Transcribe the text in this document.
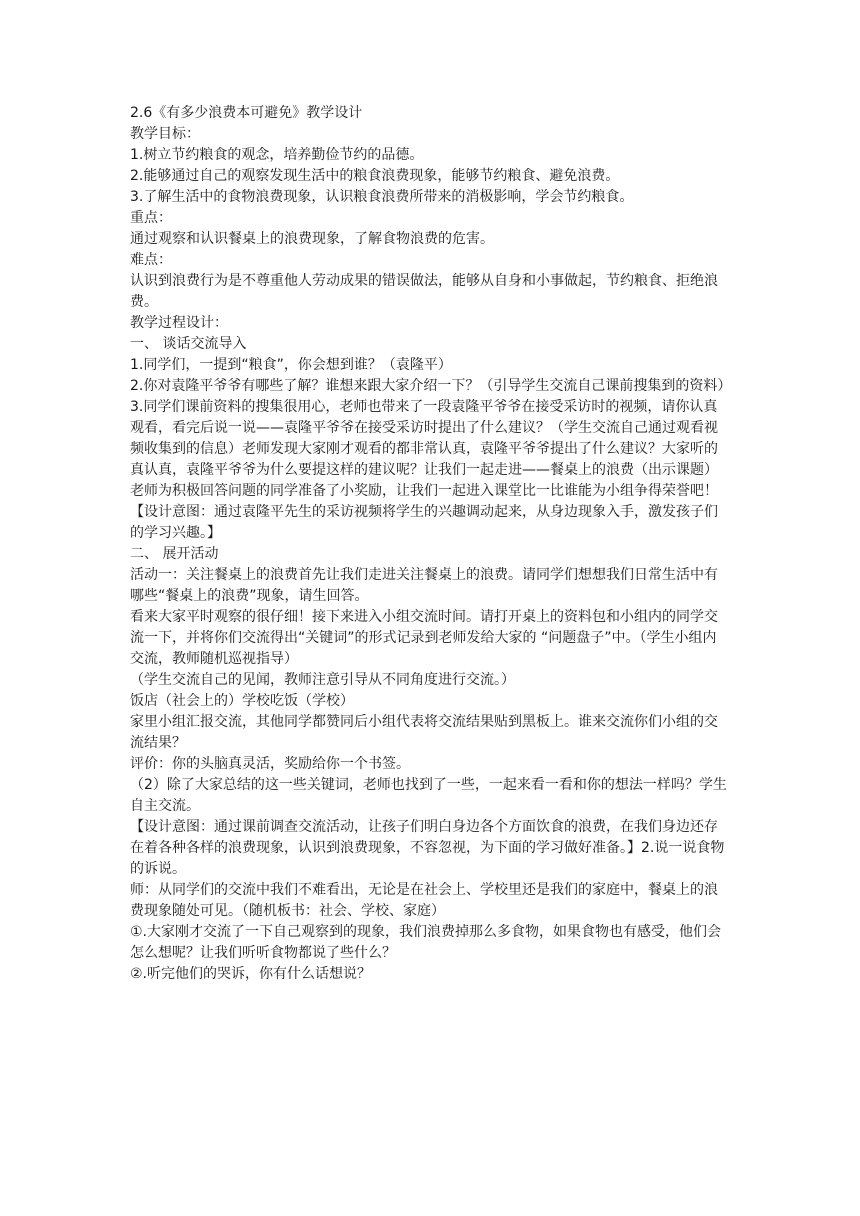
2.6《有多少浪费本可避免》教学设计

教学目标：

1.树立节约粮食的观念，培养勤俭节约的品德。

2.能够通过自己的观察发现生活中的粮食浪费现象，能够节约粮食、避免浪费。

3.了解生活中的食物浪费现象，认识粮食浪费所带来的消极影响，学会节约粮食。

重点：

通过观察和认识餐桌上的浪费现象，了解食物浪费的危害。

难点：

认识到浪费行为是不尊重他人劳动成果的错误做法，能够从自身和小事做起，节约粮食、拒绝浪费。

教学过程设计：

一、 谈话交流导入

1.同学们，一提到“粮食”，你会想到谁？（袁隆平）

2.你对袁隆平爷爷有哪些了解？谁想来跟大家介绍一下？（引导学生交流自己课前搜集到的资料）

3.同学们课前资料的搜集很用心，老师也带来了一段袁隆平爷爷在接受采访时的视频，请你认真观看，看完后说一说——袁隆平爷爷在接受采访时提出了什么建议？（学生交流自己通过观看视频收集到的信息）老师发现大家刚才观看的都非常认真，袁隆平爷爷提出了什么建议？大家听的真认真，袁隆平爷爷为什么要提这样的建议呢？让我们一起走进——餐桌上的浪费（出示课题）老师为积极回答问题的同学准备了小奖励，让我们一起进入课堂比一比谁能为小组争得荣誉吧！

【设计意图：通过袁隆平先生的采访视频将学生的兴趣调动起来，从身边现象入手，激发孩子们的学习兴趣。】

二、 展开活动

活动一：关注餐桌上的浪费首先让我们走进关注餐桌上的浪费。请同学们想想我们日常生活中有哪些“餐桌上的浪费”现象，请生回答。

看来大家平时观察的很仔细！接下来进入小组交流时间。请打开桌上的资料包和小组内的同学交流一下，并将你们交流得出“关键词”的形式记录到老师发给大家的 “问题盘子”中。（学生小组内交流，教师随机巡视指导）

（学生交流自己的见闻，教师注意引导从不同角度进行交流。）

饭店（社会上的）学校吃饭（学校）

家里小组汇报交流，其他同学都赞同后小组代表将交流结果贴到黑板上。谁来交流你们小组的交流结果？

评价：你的头脑真灵活，奖励给你一个书签。

（2）除了大家总结的这一些关键词，老师也找到了一些，一起来看一看和你的想法一样吗？学生自主交流。

【设计意图：通过课前调查交流活动，让孩子们明白身边各个方面饮食的浪费，在我们身边还存在着各种各样的浪费现象，认识到浪费现象，不容忽视，为下面的学习做好准备。】2.说一说食物的诉说。

师：从同学们的交流中我们不难看出，无论是在社会上、学校里还是我们的家庭中，餐桌上的浪费现象随处可见。（随机板书：社会、学校、家庭）

①.大家刚才交流了一下自己观察到的现象，我们浪费掉那么多食物，如果食物也有感受，他们会怎么想呢？让我们听听食物都说了些什么？

②.听完他们的哭诉，你有什么话想说？
